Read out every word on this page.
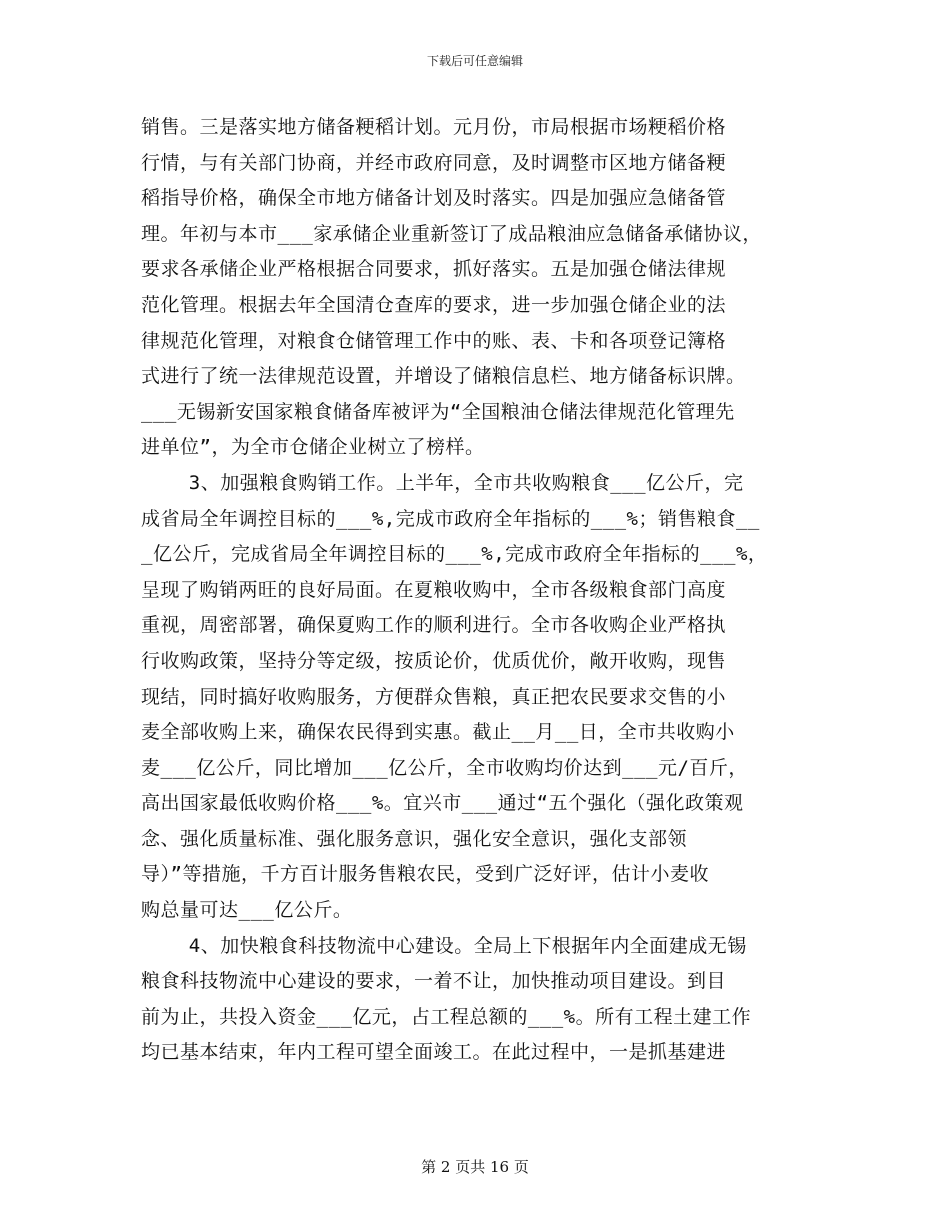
下载后可任意编辑
销售。三是落实地方储备粳稻计划。元月份，市局根据市场粳稻价格
行情，与有关部门协商，并经市政府同意，及时调整市区地方储备粳
稻指导价格，确保全市地方储备计划及时落实。四是加强应急储备管
理。年初与本市___家承储企业重新签订了成品粮油应急储备承储协议，
要求各承储企业严格根据合同要求，抓好落实。五是加强仓储法律规
范化管理。根据去年全国清仓查库的要求，进一步加强仓储企业的法
律规范化管理，对粮食仓储管理工作中的账、表、卡和各项登记簿格
式进行了统一法律规范设置，并增设了储粮信息栏、地方储备标识牌。
___无锡新安国家粮食储备库被评为“全国粮油仓储法律规范化管理先
进单位”，为全市仓储企业树立了榜样。
3、加强粮食购销工作。上半年，全市共收购粮食___亿公斤，完
成省局全年调控目标的___%,完成市政府全年指标的___%；销售粮食__
_亿公斤，完成省局全年调控目标的___%,完成市政府全年指标的___%，
呈现了购销两旺的良好局面。在夏粮收购中，全市各级粮食部门高度
重视，周密部署，确保夏购工作的顺利进行。全市各收购企业严格执
行收购政策，坚持分等定级，按质论价，优质优价，敞开收购，现售
现结，同时搞好收购服务，方便群众售粮，真正把农民要求交售的小
麦全部收购上来，确保农民得到实惠。截止__月__日，全市共收购小
麦___亿公斤，同比增加___亿公斤，全市收购均价达到___元/百斤，
高出国家最低收购价格___%。宜兴市___通过“五个强化（强化政策观
念、强化质量标准、强化服务意识，强化安全意识，强化支部领
导）”等措施，千方百计服务售粮农民，受到广泛好评，估计小麦收
购总量可达___亿公斤。
4、加快粮食科技物流中心建设。全局上下根据年内全面建成无锡
粮食科技物流中心建设的要求，一着不让，加快推动项目建设。到目
前为止，共投入资金___亿元，占工程总额的___%。所有工程土建工作
均已基本结束，年内工程可望全面竣工。在此过程中，一是抓基建进
第 2 页共 16 页
